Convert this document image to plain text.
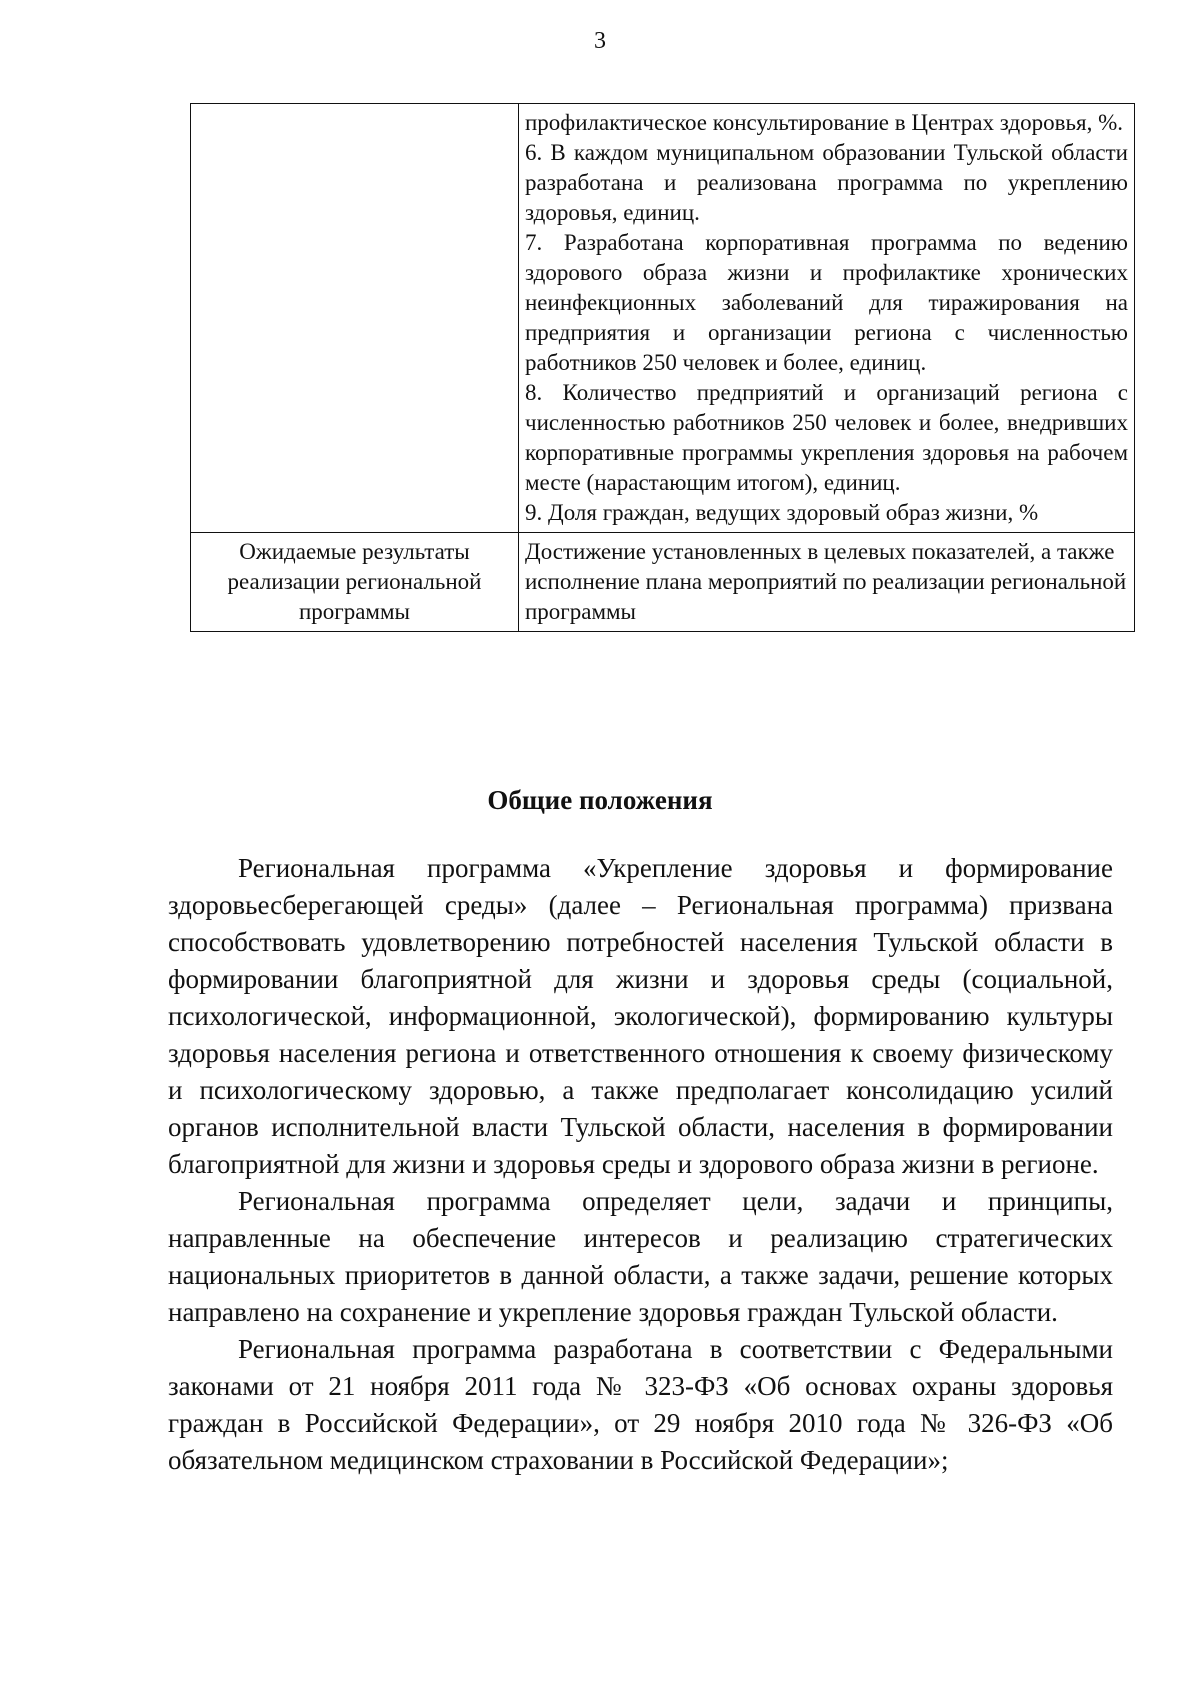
3

	профилактическое консультирование в Центрах здоровья, %.
6. В каждом муниципальном образовании Тульской области разработана и реализована программа по укреплению здоровья, единиц.
7. Разработана корпоративная программа по ведению здорового образа жизни и профилактике хронических неинфекционных заболеваний для тиражирования на предприятия и организации региона с численностью работников 250 человек и более, единиц.
8. Количество предприятий и организаций региона с численностью работников 250 человек и более, внедривших корпоративные программы укрепления здоровья на рабочем месте (нарастающим итогом), единиц.
9. Доля граждан, ведущих здоровый образ жизни, %

Ожидаемые результаты реализации региональной программы	Достижение установленных в целевых показателей, а также исполнение плана мероприятий по реализации региональной программы
Общие положения

Региональная программа «Укрепление здоровья и формирование здоровьесберегающей среды» (далее – Региональная программа) призвана способствовать удовлетворению потребностей населения Тульской области в формировании благоприятной для жизни и здоровья среды (социальной, психологической, информационной, экологической), формированию культуры здоровья населения региона и ответственного отношения к своему физическому и психологическому здоровью, а также предполагает консолидацию усилий органов исполнительной власти Тульской области, населения в формировании благоприятной для жизни и здоровья среды и здорового образа жизни в регионе.

Региональная программа определяет цели, задачи и принципы, направленные на обеспечение интересов и реализацию стратегических национальных приоритетов в данной области, а также задачи, решение которых направлено на сохранение и укрепление здоровья граждан Тульской области.

Региональная программа разработана в соответствии с Федеральными законами от 21 ноября 2011 года № 323-ФЗ «Об основах охраны здоровья граждан в Российской Федерации», от 29 ноября 2010 года № 326-ФЗ «Об обязательном медицинском страховании в Российской Федерации»;
